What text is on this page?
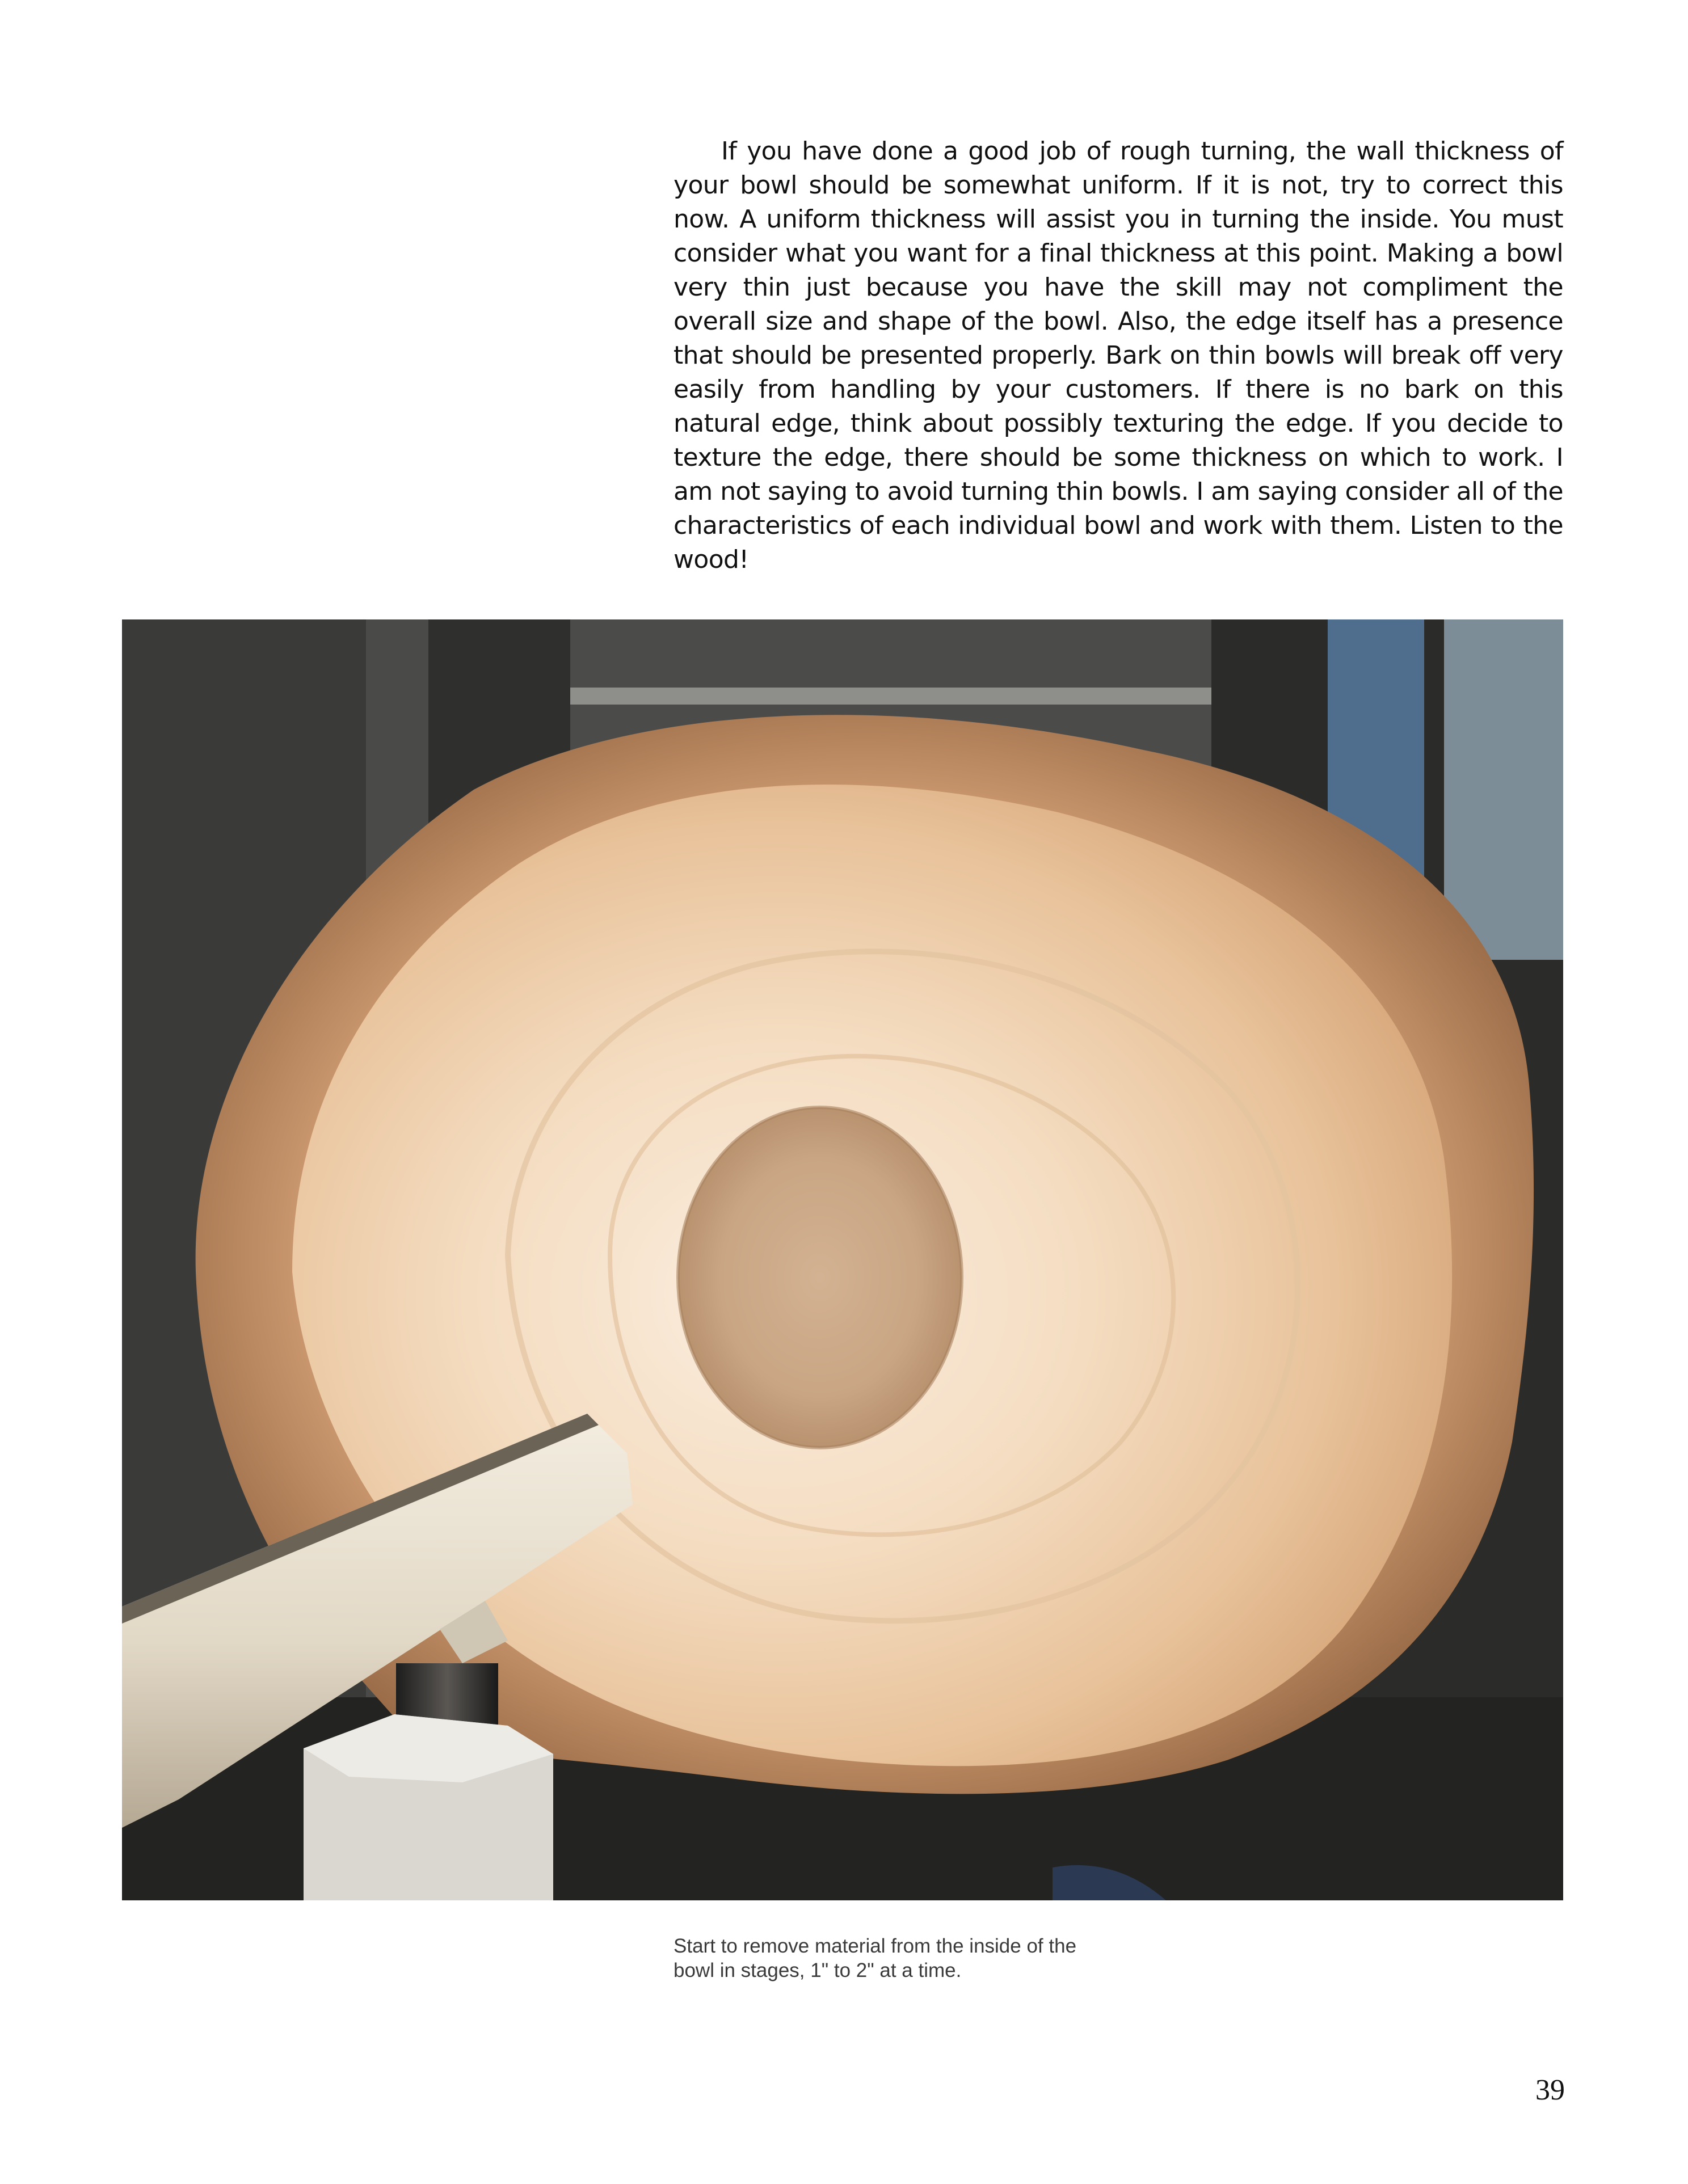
If you have done a good job of rough turning, the wall thickness of your bowl should be somewhat uniform. If it is not, try to correct this now. A uniform thickness will assist you in turning the inside. You must consider what you want for a final thickness at this point. Making a bowl very thin just because you have the skill may not compliment the overall size and shape of the bowl. Also, the edge itself has a presence that should be presented properly. Bark on thin bowls will break off very easily from handling by your customers. If there is no bark on this natural edge, think about possibly texturing the edge. If you decide to texture the edge, there should be some thickness on which to work. I am not saying to avoid turning thin bowls. I am saying consider all of the characteristics of each individual bowl and work with them. Listen to the wood!

Start to remove material from the inside of the
bowl in stages, 1" to 2" at a time.

39
